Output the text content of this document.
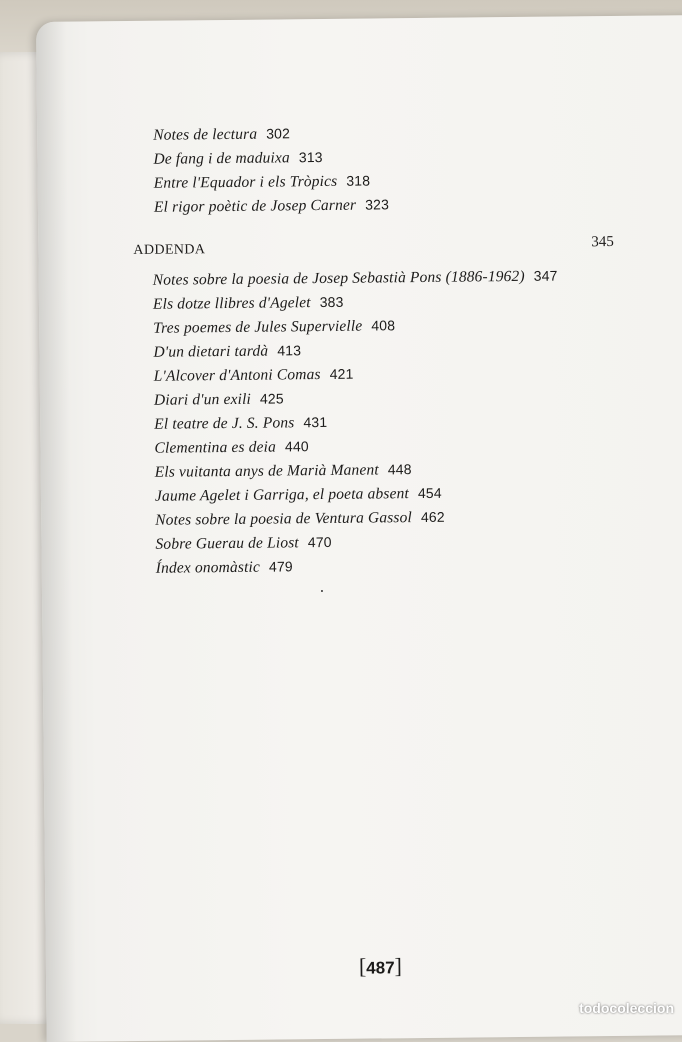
Notes de lectura 302
De fang i de maduixa 313
Entre l'Equador i els Tròpics 318
El rigor poètic de Josep Carner 323
ADDENDA	345
Notes sobre la poesia de Josep Sebastià Pons (1886-1962) 347
Els dotze llibres d'Agelet 383
Tres poemes de Jules Supervielle 408
D'un dietari tardà 413
L'Alcover d'Antoni Comas 421
Diari d'un exili 425
El teatre de J. S. Pons 431
Clementina es deia 440
Els vuitanta anys de Marià Manent 448
Jaume Agelet i Garriga, el poeta absent 454
Notes sobre la poesia de Ventura Gassol 462
Sobre Guerau de Liost 470
Índex onomàstic 479
[487]
todocoleccion
